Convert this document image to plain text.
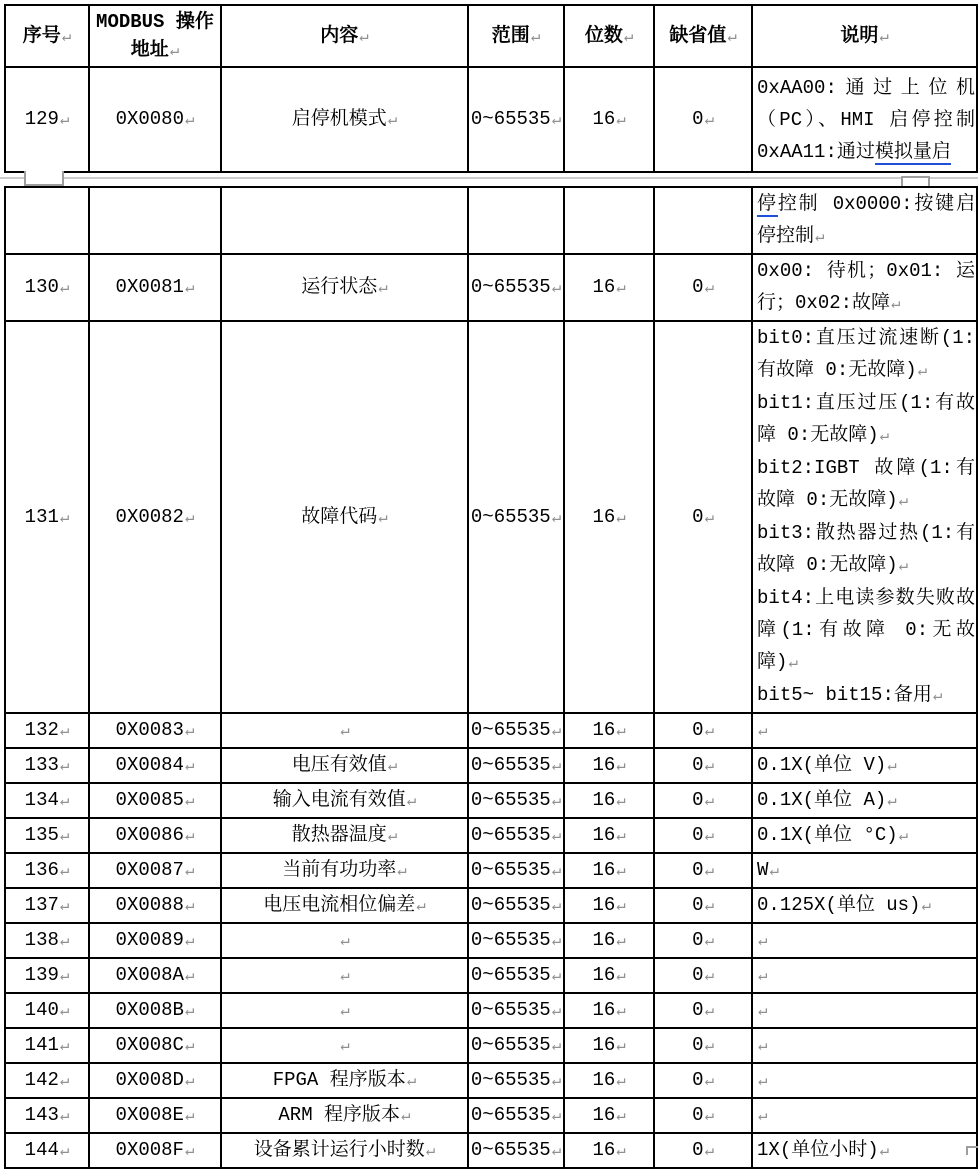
序号↵	MODBUS 操作地址↵	内容↵	范围↵	位数↵	缺省值↵	说明↵
129↵	0X0080↵	启停机模式↵	0~65535↵	16↵	0↵	0xAA00:通过上位机（PC）、HMI 启停控制 0xAA11:通过模拟量启

						停控制 0x0000:按键启停控制↵

130↵	0X0081↵	运行状态↵	0~65535↵	16↵	0↵	0x00: 待机；0x01: 运行；0x02:故障↵

131↵	0X0082↵	故障代码↵	0~65535↵	16↵	0↵	
bit0:直压过流速断(1:有故障 0:无故障)↵
bit1:直压过压(1:有故障 0:无故障)↵
bit2:IGBT 故障(1:有故障 0:无故障)↵
bit3:散热器过热(1:有故障 0:无故障)↵
bit4:上电读参数失败故障(1:有故障 0:无故障)↵
bit5~ bit15:备用↵

132↵	0X0083↵	↵	0~65535↵	16↵	0↵	↵

133↵	0X0084↵	电压有效值↵	0~65535↵	16↵	0↵	0.1X(单位 V)↵

134↵	0X0085↵	输入电流有效值↵	0~65535↵	16↵	0↵	0.1X(单位 A)↵

135↵	0X0086↵	散热器温度↵	0~65535↵	16↵	0↵	0.1X(单位 °C)↵

136↵	0X0087↵	当前有功功率↵	0~65535↵	16↵	0↵	W↵

137↵	0X0088↵	电压电流相位偏差↵	0~65535↵	16↵	0↵	0.125X(单位 us)↵

138↵	0X0089↵	↵	0~65535↵	16↵	0↵	↵

139↵	0X008A↵	↵	0~65535↵	16↵	0↵	↵

140↵	0X008B↵	↵	0~65535↵	16↵	0↵	↵

141↵	0X008C↵	↵	0~65535↵	16↵	0↵	↵

142↵	0X008D↵	FPGA 程序版本↵	0~65535↵	16↵	0↵	↵

143↵	0X008E↵	ARM 程序版本↵	0~65535↵	16↵	0↵	↵

144↵	0X008F↵	设备累计运行小时数↵	0~65535↵	16↵	0↵	1X(单位小时)↵
